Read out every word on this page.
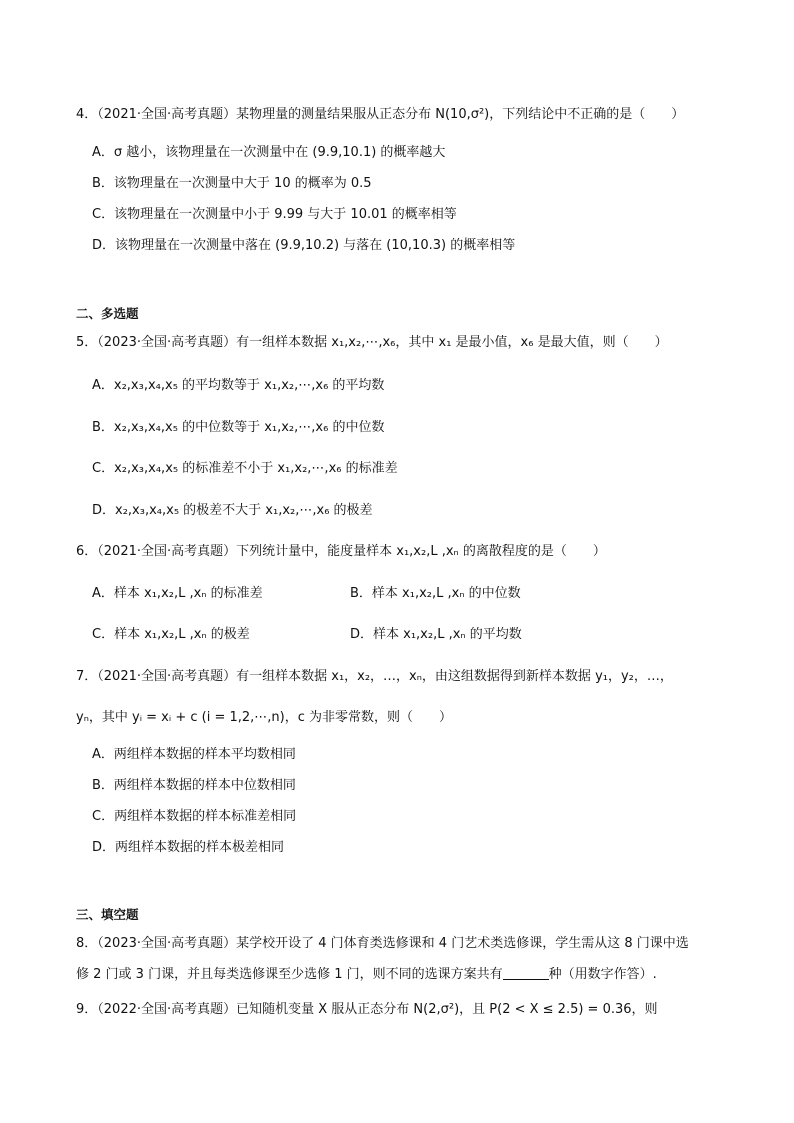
4．（2021·全国·高考真题）某物理量的测量结果服从正态分布 N(10,σ²)，下列结论中不正确的是（　　）
A．σ 越小，该物理量在一次测量中在 (9.9,10.1) 的概率越大
B．该物理量在一次测量中大于 10 的概率为 0.5
C．该物理量在一次测量中小于 9.99 与大于 10.01 的概率相等
D．该物理量在一次测量中落在 (9.9,10.2) 与落在 (10,10.3) 的概率相等
二、多选题
5．（2023·全国·高考真题）有一组样本数据 x₁,x₂,⋯,x₆，其中 x₁ 是最小值，x₆ 是最大值，则（　　）
A．x₂,x₃,x₄,x₅ 的平均数等于 x₁,x₂,⋯,x₆ 的平均数
B．x₂,x₃,x₄,x₅ 的中位数等于 x₁,x₂,⋯,x₆ 的中位数
C．x₂,x₃,x₄,x₅ 的标准差不小于 x₁,x₂,⋯,x₆ 的标准差
D．x₂,x₃,x₄,x₅ 的极差不大于 x₁,x₂,⋯,x₆ 的极差
6．（2021·全国·高考真题）下列统计量中，能度量样本 x₁,x₂,L ,xₙ 的离散程度的是（　　）
A．样本 x₁,x₂,L ,xₙ 的标准差	B．样本 x₁,x₂,L ,xₙ 的中位数
C．样本 x₁,x₂,L ,xₙ 的极差	D．样本 x₁,x₂,L ,xₙ 的平均数
7．（2021·全国·高考真题）有一组样本数据 x₁，x₂，…，xₙ，由这组数据得到新样本数据 y₁，y₂，…，
yₙ，其中 yᵢ = xᵢ + c (i = 1,2,⋯,n)，c 为非零常数，则（　　）
A．两组样本数据的样本平均数相同
B．两组样本数据的样本中位数相同
C．两组样本数据的样本标准差相同
D．两组样本数据的样本极差相同
三、填空题
8．（2023·全国·高考真题）某学校开设了 4 门体育类选修课和 4 门艺术类选修课，学生需从这 8 门课中选
修 2 门或 3 门课，并且每类选修课至少选修 1 门，则不同的选课方案共有	种（用数字作答）.
9．（2022·全国·高考真题）已知随机变量 X 服从正态分布 N(2,σ²)，且 P(2 < X ≤ 2.5) = 0.36，则
